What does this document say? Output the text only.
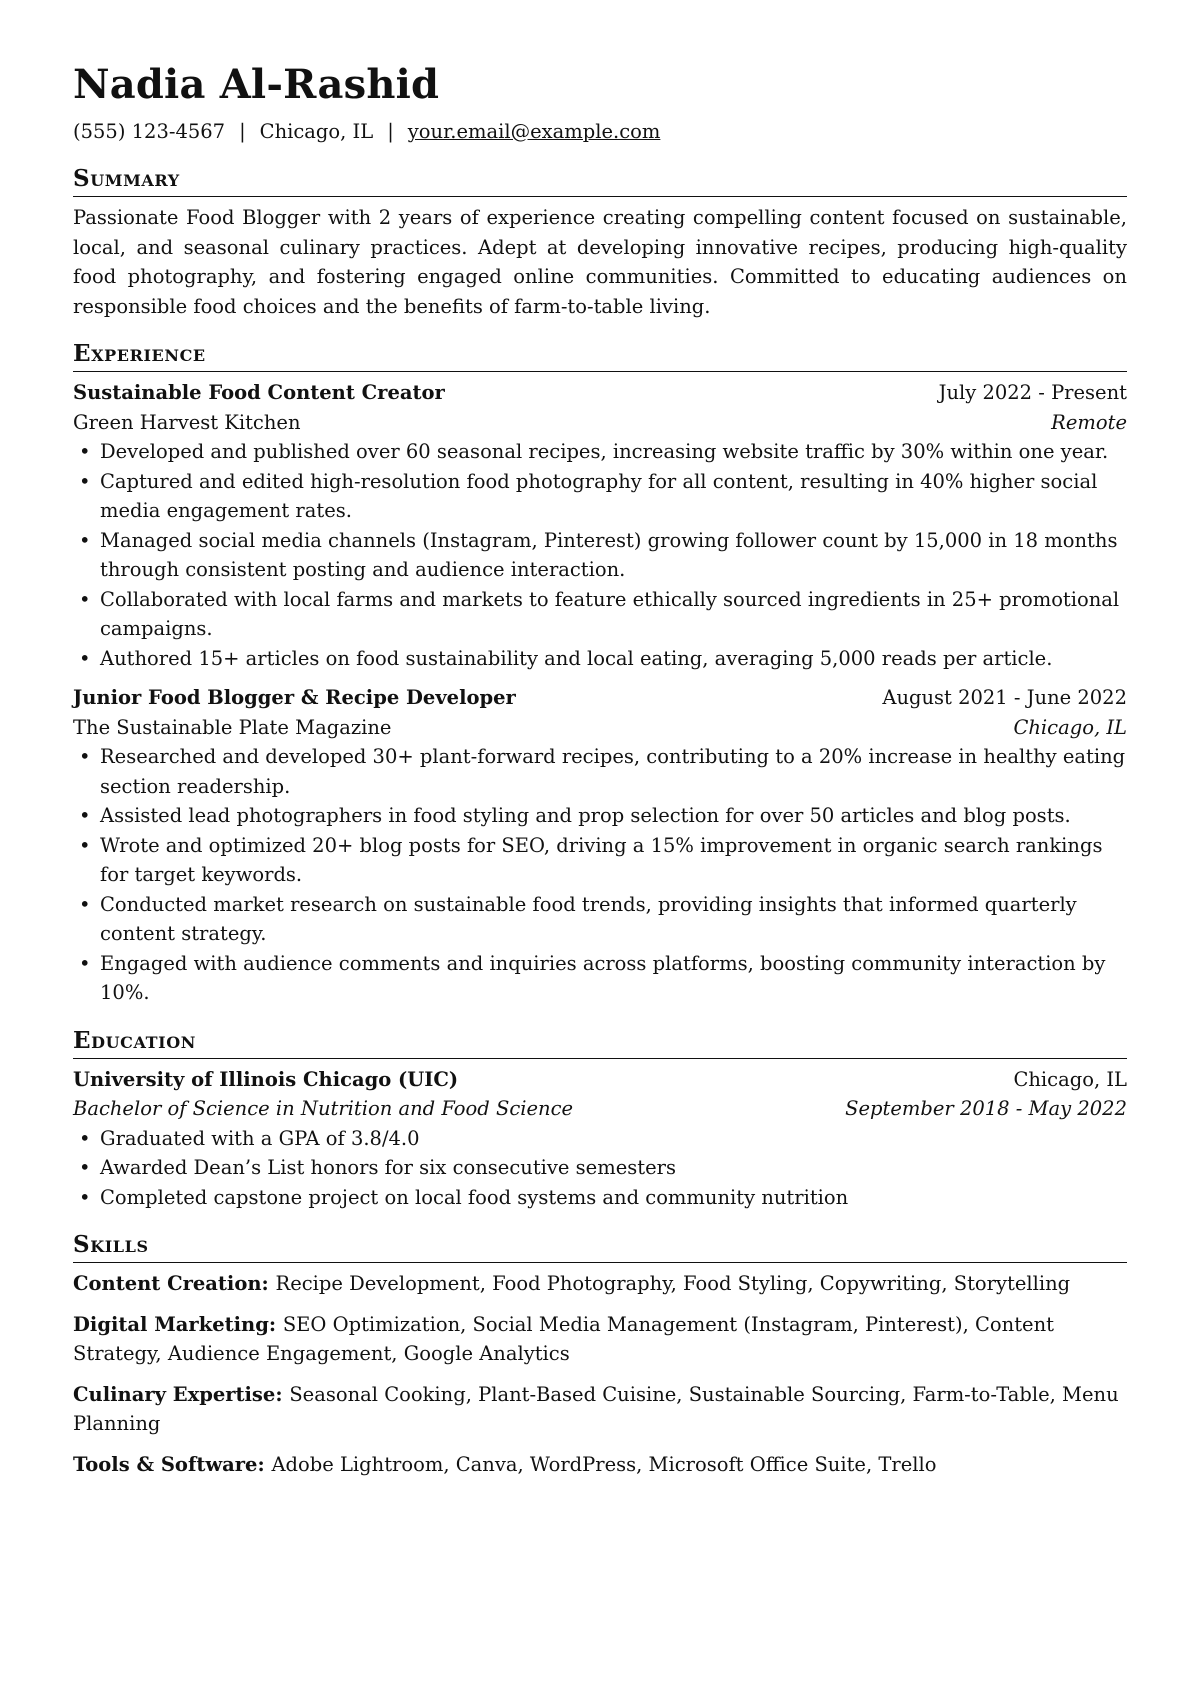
Nadia Al-Rashid
(555) 123-4567 | Chicago, IL | your.email@example.com
Summary
Passionate Food Blogger with 2 years of experience creating compelling content focused on sustainable, local, and seasonal culinary practices. Adept at developing innovative recipes, producing high-quality food photography, and fostering engaged online communities. Committed to educating audiences on responsible food choices and the benefits of farm-to-table living.
Experience
Sustainable Food Content Creator	July 2022 - Present
Green Harvest Kitchen	Remote
• Developed and published over 60 seasonal recipes, increasing website traffic by 30% within one year.
• Captured and edited high-resolution food photography for all content, resulting in 40% higher social media engagement rates.
• Managed social media channels (Instagram, Pinterest) growing follower count by 15,000 in 18 months through consistent posting and audience interaction.
• Collaborated with local farms and markets to feature ethically sourced ingredients in 25+ promotional campaigns.
• Authored 15+ articles on food sustainability and local eating, averaging 5,000 reads per article.
Junior Food Blogger & Recipe Developer	August 2021 - June 2022
The Sustainable Plate Magazine	Chicago, IL
• Researched and developed 30+ plant-forward recipes, contributing to a 20% increase in healthy eating section readership.
• Assisted lead photographers in food styling and prop selection for over 50 articles and blog posts.
• Wrote and optimized 20+ blog posts for SEO, driving a 15% improvement in organic search rankings for target keywords.
• Conducted market research on sustainable food trends, providing insights that informed quarterly content strategy.
• Engaged with audience comments and inquiries across platforms, boosting community interaction by 10%.
Education
University of Illinois Chicago (UIC)	Chicago, IL
Bachelor of Science in Nutrition and Food Science	September 2018 - May 2022
• Graduated with a GPA of 3.8/4.0
• Awarded Dean’s List honors for six consecutive semesters
• Completed capstone project on local food systems and community nutrition
Skills
Content Creation: Recipe Development, Food Photography, Food Styling, Copywriting, Storytelling
Digital Marketing: SEO Optimization, Social Media Management (Instagram, Pinterest), Content Strategy, Audience Engagement, Google Analytics
Culinary Expertise: Seasonal Cooking, Plant-Based Cuisine, Sustainable Sourcing, Farm-to-Table, Menu Planning
Tools & Software: Adobe Lightroom, Canva, WordPress, Microsoft Office Suite, Trello
